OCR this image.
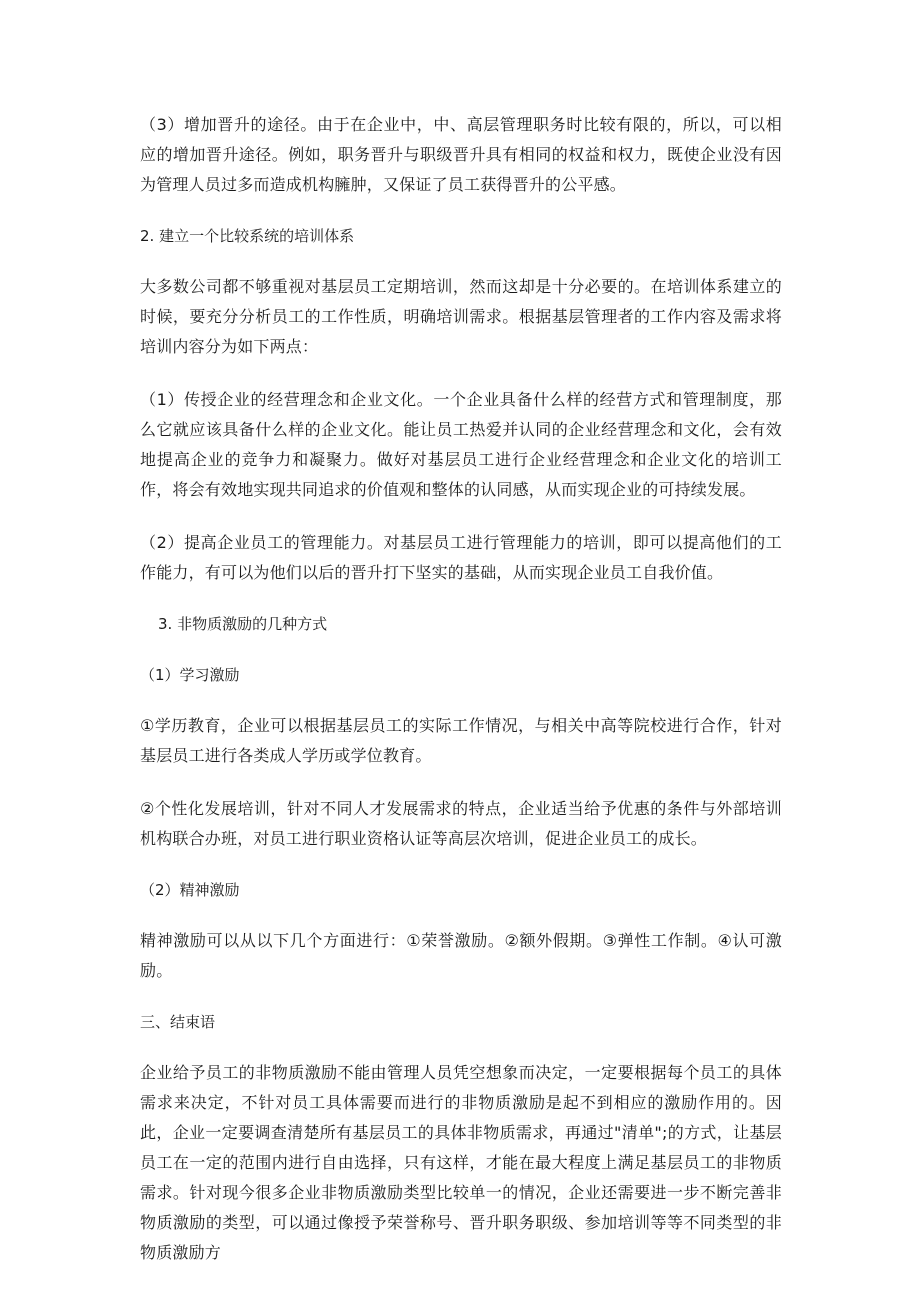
（3）增加晋升的途径。由于在企业中，中、高层管理职务时比较有限的，所以，可以相应的增加晋升途径。例如，职务晋升与职级晋升具有相同的权益和权力，既使企业没有因为管理人员过多而造成机构臃肿，又保证了员工获得晋升的公平感。

2. 建立一个比较系统的培训体系

大多数公司都不够重视对基层员工定期培训，然而这却是十分必要的。在培训体系建立的时候，要充分分析员工的工作性质，明确培训需求。根据基层管理者的工作内容及需求将培训内容分为如下两点：

（1）传授企业的经营理念和企业文化。一个企业具备什么样的经营方式和管理制度，那么它就应该具备什么样的企业文化。能让员工热爱并认同的企业经营理念和文化，会有效地提高企业的竞争力和凝聚力。做好对基层员工进行企业经营理念和企业文化的培训工作，将会有效地实现共同追求的价值观和整体的认同感，从而实现企业的可持续发展。

（2）提高企业员工的管理能力。对基层员工进行管理能力的培训，即可以提高他们的工作能力，有可以为他们以后的晋升打下坚实的基础，从而实现企业员工自我价值。

3. 非物质激励的几种方式

（1）学习激励

①学历教育，企业可以根据基层员工的实际工作情况，与相关中高等院校进行合作，针对基层员工进行各类成人学历或学位教育。

②个性化发展培训，针对不同人才发展需求的特点，企业适当给予优惠的条件与外部培训机构联合办班，对员工进行职业资格认证等高层次培训，促进企业员工的成长。

（2）精神激励

精神激励可以从以下几个方面进行：①荣誉激励。②额外假期。③弹性工作制。④认可激励。

三、结束语

企业给予员工的非物质激励不能由管理人员凭空想象而决定，一定要根据每个员工的具体需求来决定，不针对员工具体需要而进行的非物质激励是起不到相应的激励作用的。因此，企业一定要调查清楚所有基层员工的具体非物质需求，再通过"清单";的方式，让基层员工在一定的范围内进行自由选择，只有这样，才能在最大程度上满足基层员工的非物质需求。针对现今很多企业非物质激励类型比较单一的情况，企业还需要进一步不断完善非物质激励的类型，可以通过像授予荣誉称号、晋升职务职级、参加培训等等不同类型的非物质激励方
